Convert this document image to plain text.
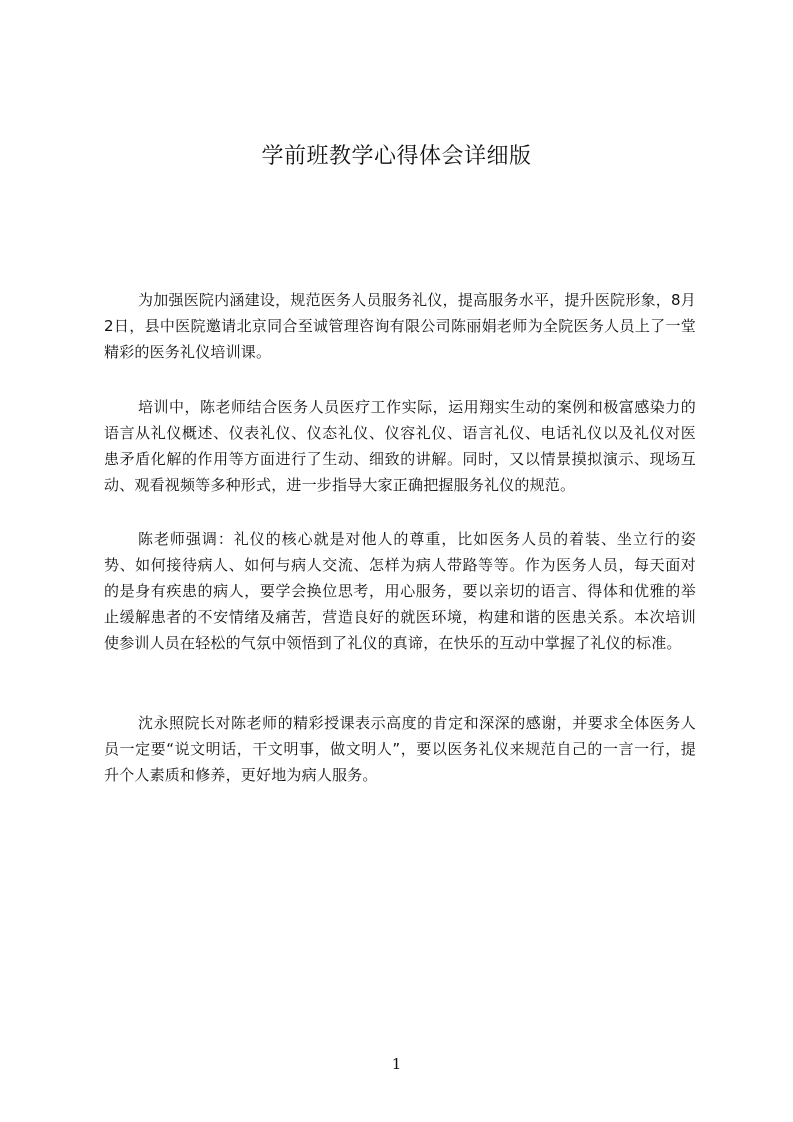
学前班教学心得体会详细版

为加强医院内涵建设，规范医务人员服务礼仪，提高服务水平，提升医院形象，8月2日，县中医院邀请北京同合至诚管理咨询有限公司陈丽娟老师为全院医务人员上了一堂精彩的医务礼仪培训课。

培训中，陈老师结合医务人员医疗工作实际，运用翔实生动的案例和极富感染力的语言从礼仪概述、仪表礼仪、仪态礼仪、仪容礼仪、语言礼仪、电话礼仪以及礼仪对医患矛盾化解的作用等方面进行了生动、细致的讲解。同时，又以情景摸拟演示、现场互动、观看视频等多种形式，进一步指导大家正确把握服务礼仪的规范。

陈老师强调：礼仪的核心就是对他人的尊重，比如医务人员的着装、坐立行的姿势、如何接待病人、如何与病人交流、怎样为病人带路等等。作为医务人员，每天面对的是身有疾患的病人，要学会换位思考，用心服务，要以亲切的语言、得体和优雅的举止缓解患者的不安情绪及痛苦，营造良好的就医环境，构建和谐的医患关系。本次培训使参训人员在轻松的气氛中领悟到了礼仪的真谛，在快乐的互动中掌握了礼仪的标准。

沈永照院长对陈老师的精彩授课表示高度的肯定和深深的感谢，并要求全体医务人员一定要“说文明话，干文明事，做文明人”，要以医务礼仪来规范自己的一言一行，提升个人素质和修养，更好地为病人服务。

1
